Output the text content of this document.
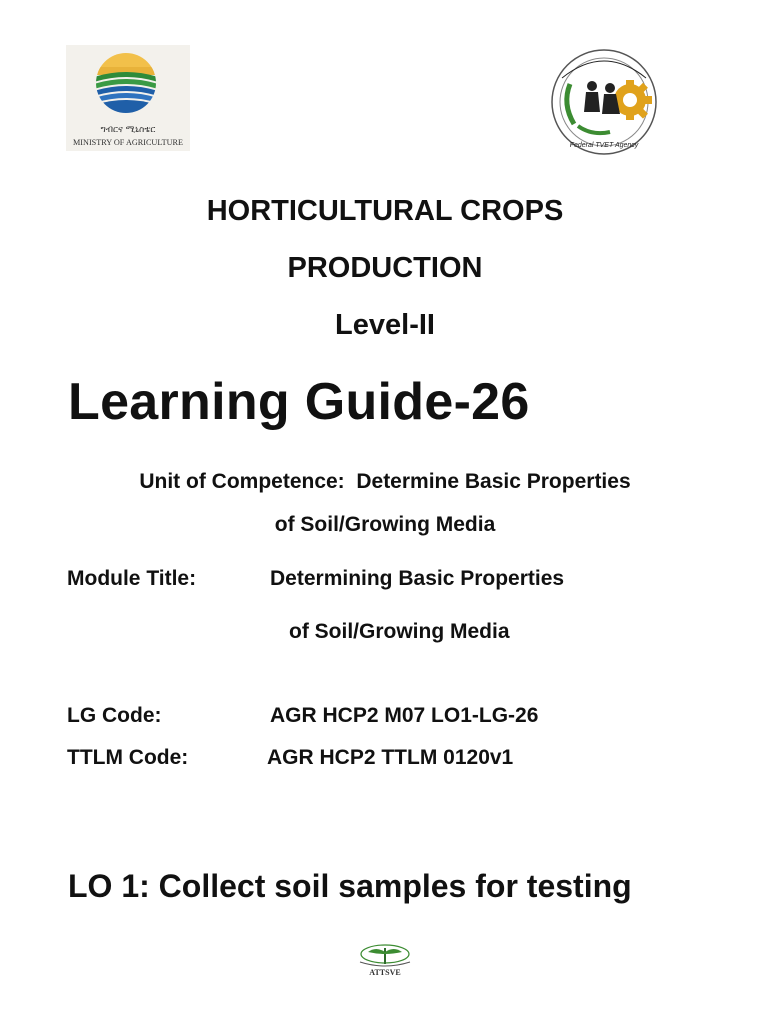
ግብርና ሚኒስቴር
MINISTRY OF AGRICULTURE	Federal TVET Agency
HORTICULTURAL CROPS
PRODUCTION
Level-II
Learning Guide-26
Unit of Competence:  Determine Basic Properties
of Soil/Growing Media
Module Title:	Determining Basic Properties
of Soil/Growing Media
LG Code:	AGR HCP2 M07 LO1-LG-26
TTLM Code:	AGR HCP2 TTLM 0120v1
LO 1: Collect soil samples for testing
ATTSVE
